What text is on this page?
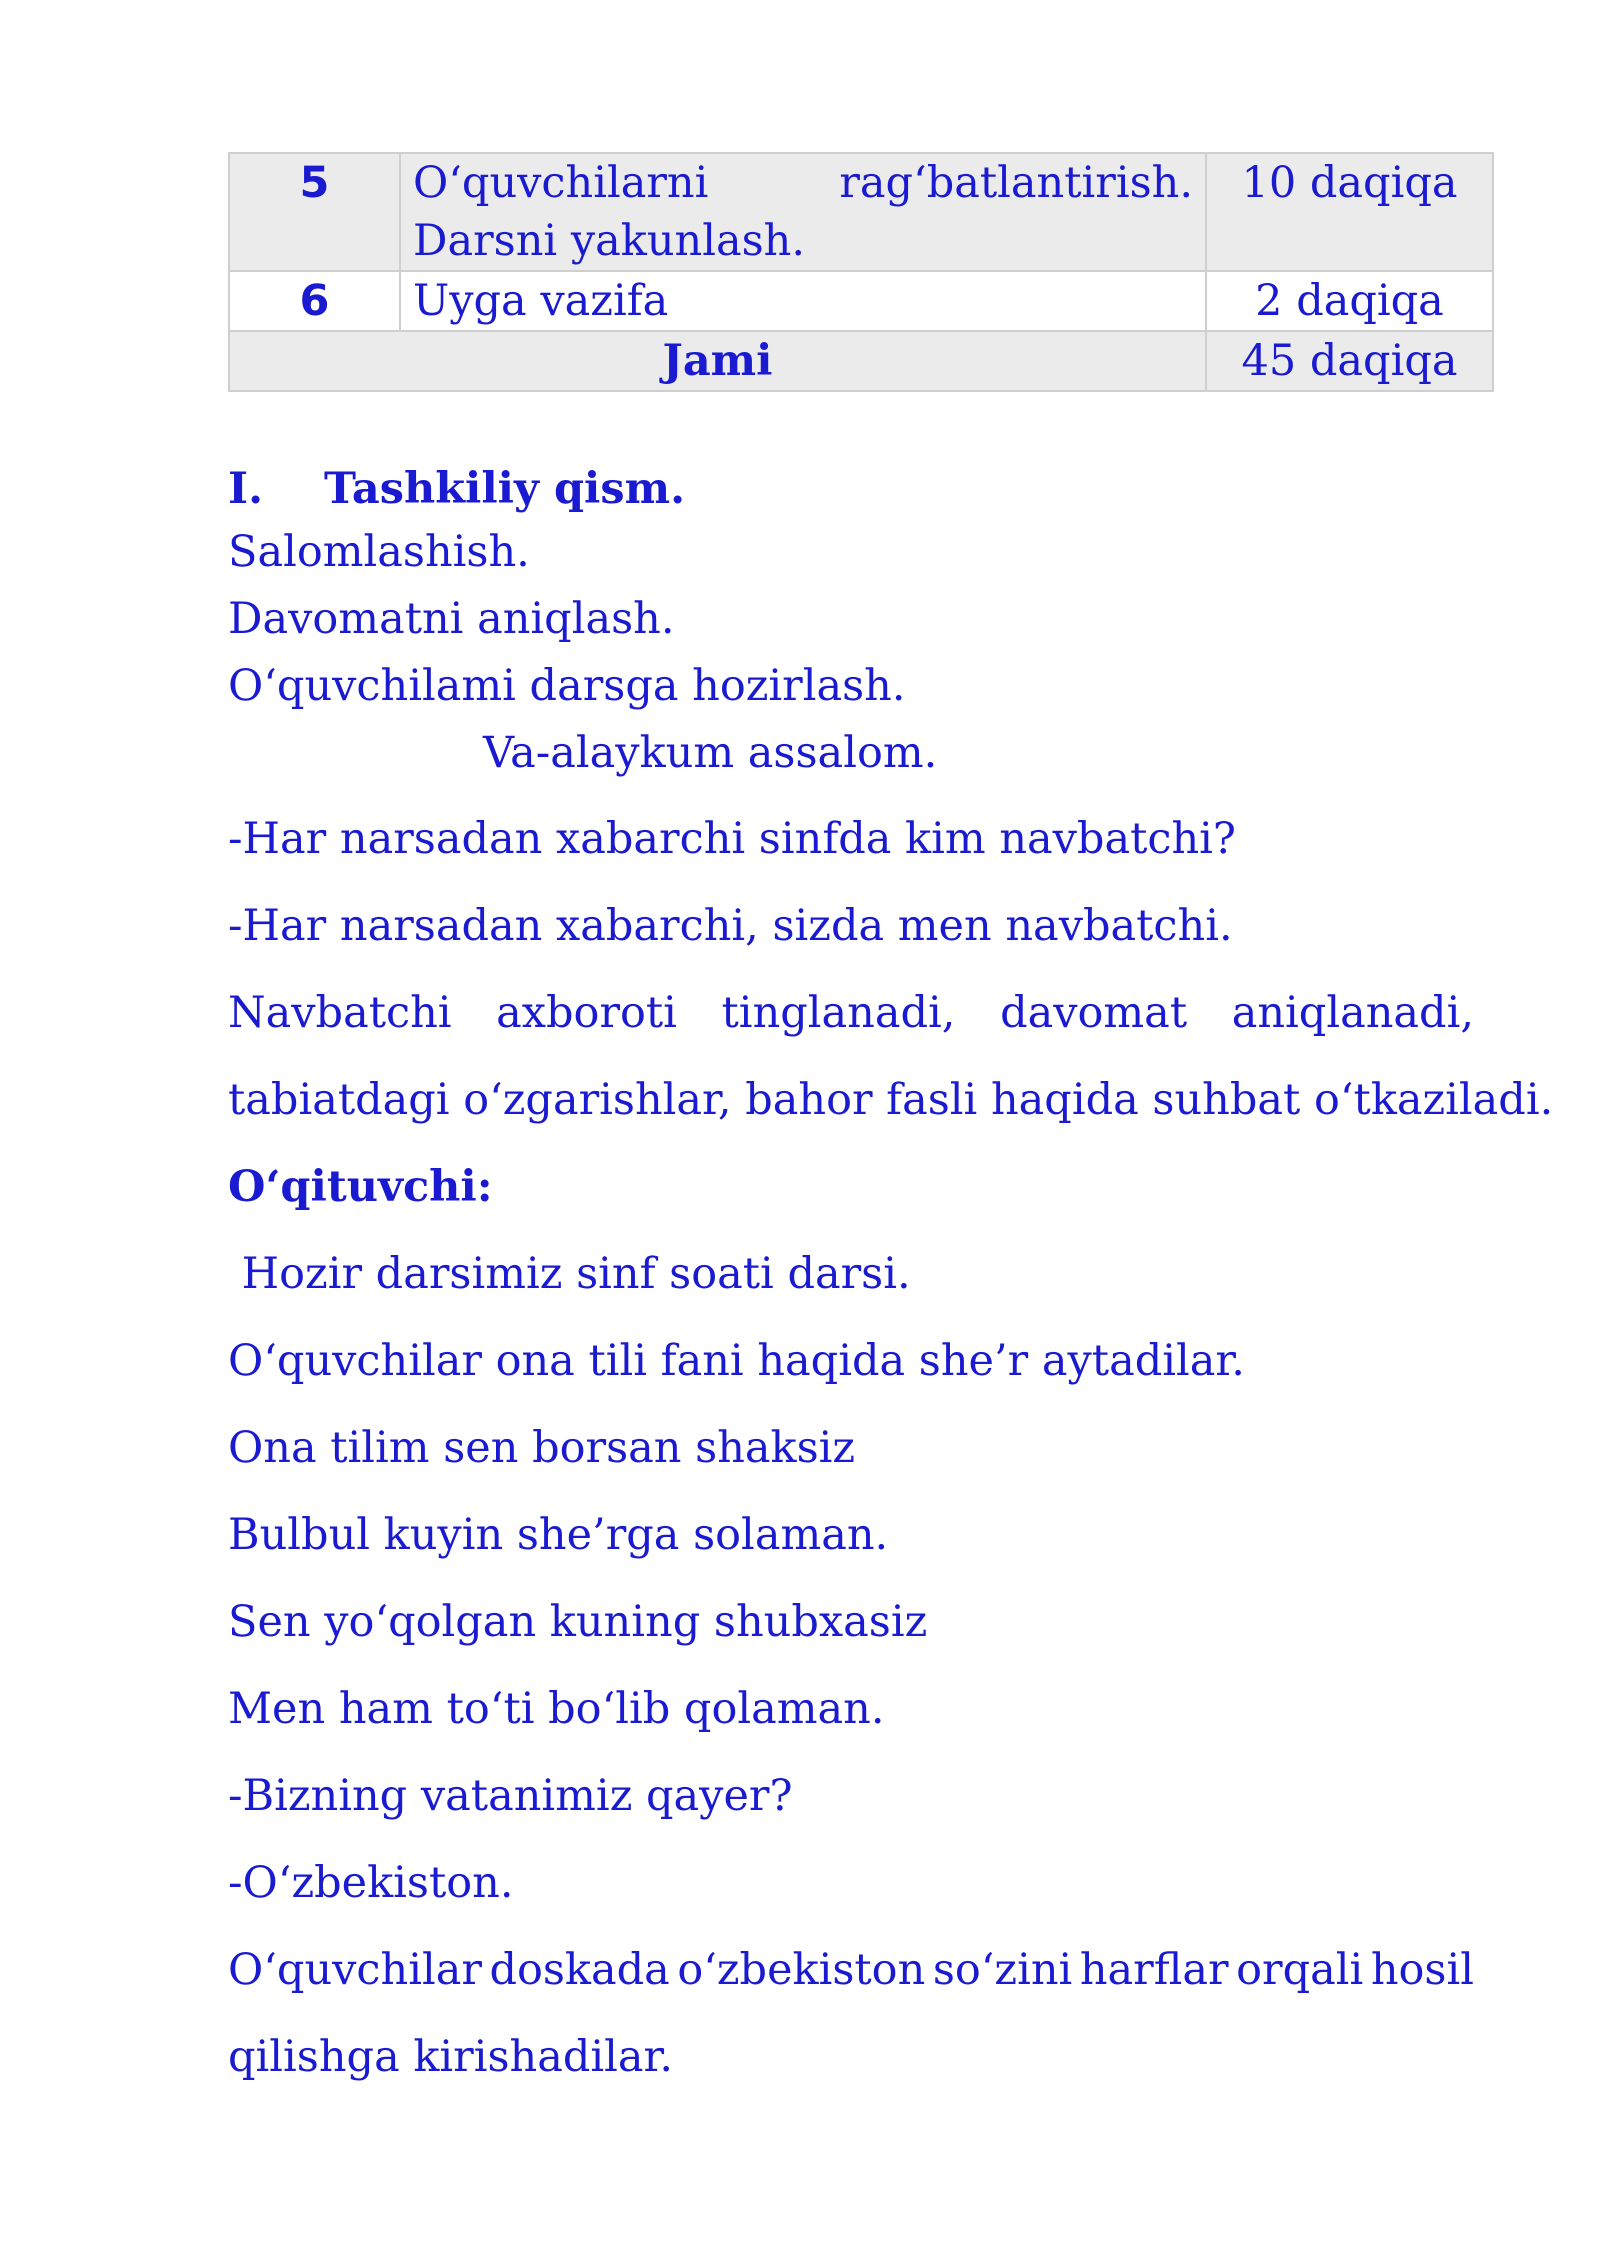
5	O‘quvchilarni rag‘batlantirish. Darsni yakunlash.	10 daqiqa
6	Uyga vazifa	2 daqiqa
Jami		45 daqiqa
I. Tashkiliy qism.
Salomlashish.
Davomatni aniqlash.
O‘quvchilami darsga hozirlash.
Va-alaykum assalom.
-Har narsadan xabarchi sinfda kim navbatchi?
-Har narsadan xabarchi, sizda men navbatchi.
Navbatchi axboroti tinglanadi, davomat aniqlanadi,
tabiatdagi o‘zgarishlar, bahor fasli haqida suhbat o‘tkaziladi.
O‘qituvchi:
Hozir darsimiz sinf soati darsi.
O‘quvchilar ona tili fani haqida she’r aytadilar.
Ona tilim sen borsan shaksiz
Bulbul kuyin she’rga solaman.
Sen yo‘qolgan kuning shubxasiz
Men ham to‘ti bo‘lib qolaman.
-Bizning vatanimiz qayer?
-O‘zbekiston.
O‘quvchilar doskada o‘zbekiston so‘zini harflar orqali hosil
qilishga kirishadilar.
